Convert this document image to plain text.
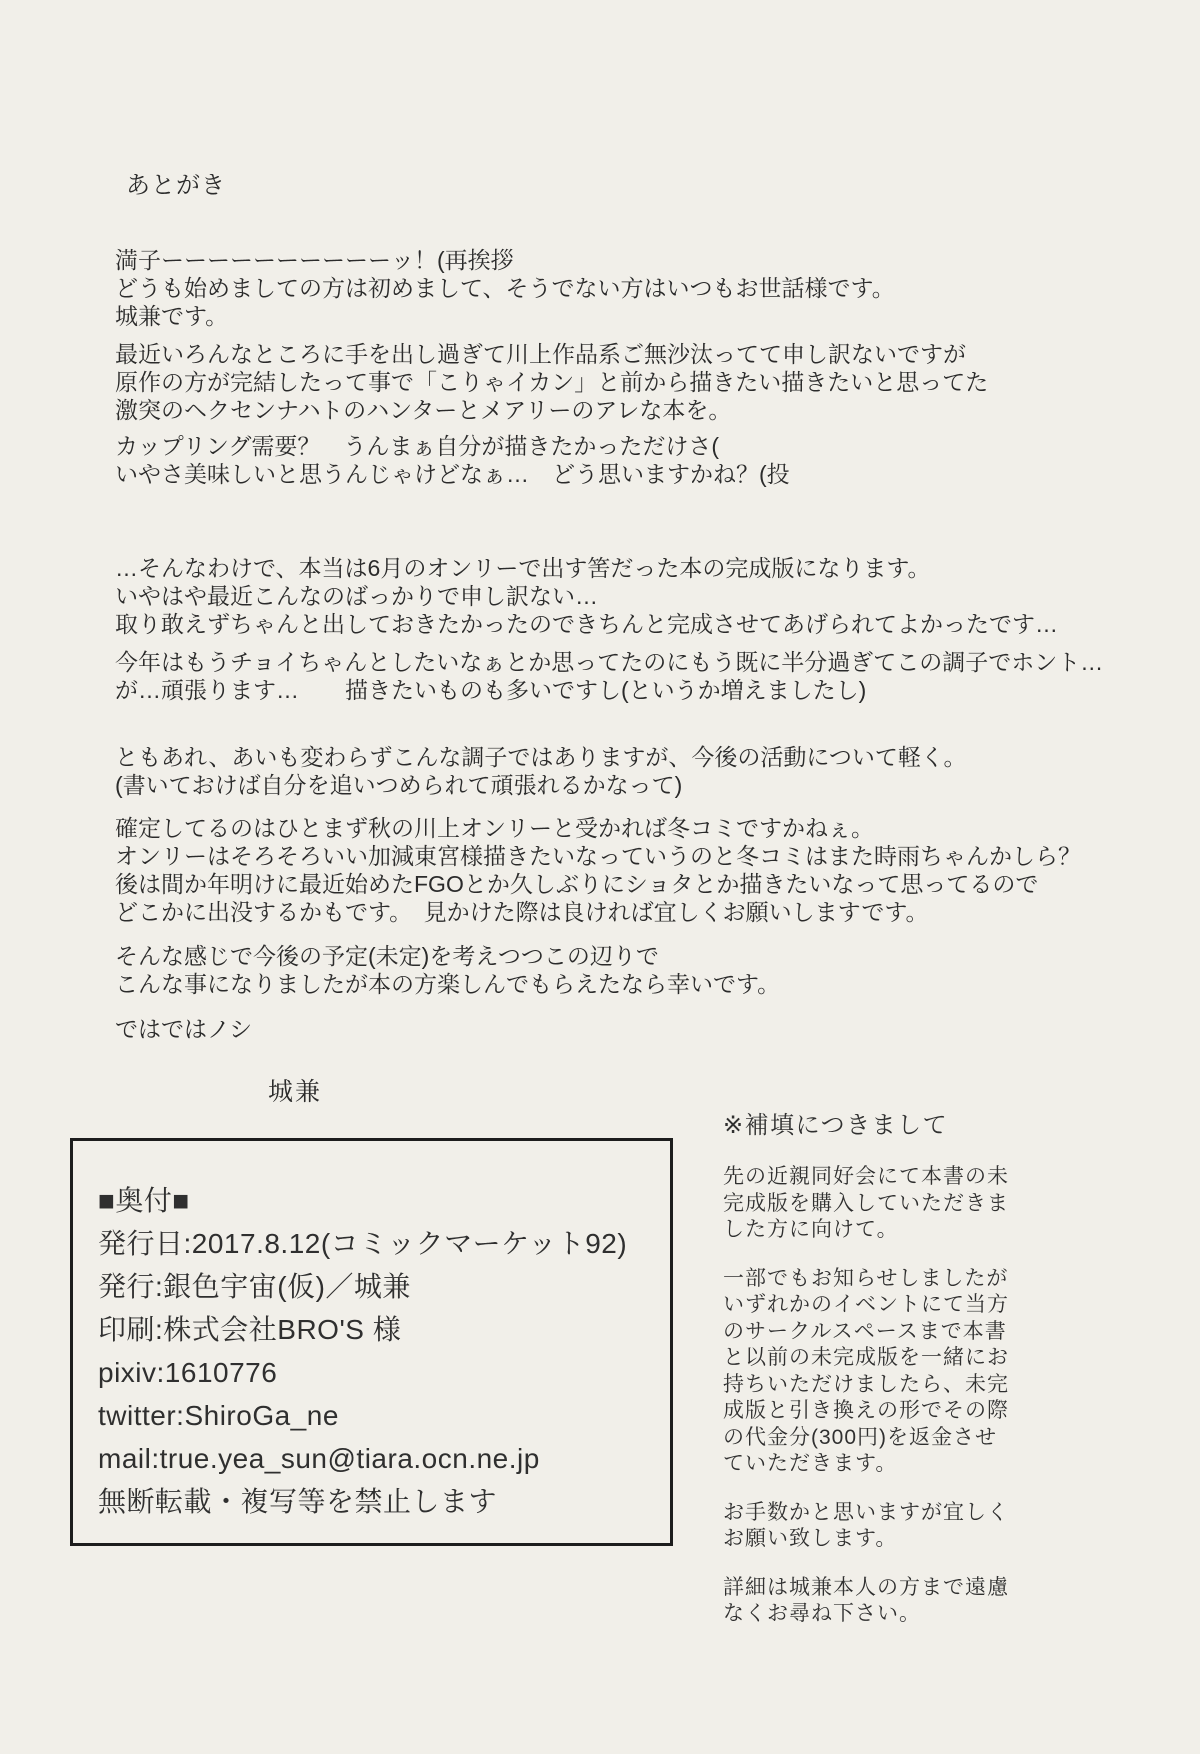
あとがき
満子ーーーーーーーーーーッ！(再挨拶
どうも始めましての方は初めまして、そうでない方はいつもお世話様です。
城兼です。
最近いろんなところに手を出し過ぎて川上作品系ご無沙汰ってて申し訳ないですが
原作の方が完結したって事で「こりゃイカン」と前から描きたい描きたいと思ってた
激突のヘクセンナハトのハンターとメアリーのアレな本を。
カップリング需要？　うんまぁ自分が描きたかっただけさ(
いやさ美味しいと思うんじゃけどなぁ…　どう思いますかね？(投
…そんなわけで、本当は6月のオンリーで出す筈だった本の完成版になります。
いやはや最近こんなのばっかりで申し訳ない…
取り敢えずちゃんと出しておきたかったのできちんと完成させてあげられてよかったです…
今年はもうチョイちゃんとしたいなぁとか思ってたのにもう既に半分過ぎてこの調子でホント…
が…頑張ります…　　描きたいものも多いですし(というか増えましたし)
ともあれ、あいも変わらずこんな調子ではありますが、今後の活動について軽く。
(書いておけば自分を追いつめられて頑張れるかなって)
確定してるのはひとまず秋の川上オンリーと受かれば冬コミですかねぇ。
オンリーはそろそろいい加減東宮様描きたいなっていうのと冬コミはまた時雨ちゃんかしら？
後は間か年明けに最近始めたFGOとか久しぶりにショタとか描きたいなって思ってるので
どこかに出没するかもです。　見かけた際は良ければ宜しくお願いしますです。
そんな感じで今後の予定(未定)を考えつつこの辺りで
こんな事になりましたが本の方楽しんでもらえたなら幸いです。
ではではノシ
城兼
■奥付■
発行日:2017.8.12(コミックマーケット92)
発行:銀色宇宙(仮)／城兼
印刷:株式会社BRO'S 様
pixiv:1610776
twitter:ShiroGa_ne
mail:true.yea_sun@tiara.ocn.ne.jp
無断転載・複写等を禁止します
※補填につきまして
先の近親同好会にて本書の未
完成版を購入していただきま
した方に向けて。
一部でもお知らせしましたが
いずれかのイベントにて当方
のサークルスペースまで本書
と以前の未完成版を一緒にお
持ちいただけましたら、未完
成版と引き換えの形でその際
の代金分(300円)を返金させ
ていただきます。
お手数かと思いますが宜しく
お願い致します。
詳細は城兼本人の方まで遠慮
なくお尋ね下さい。
